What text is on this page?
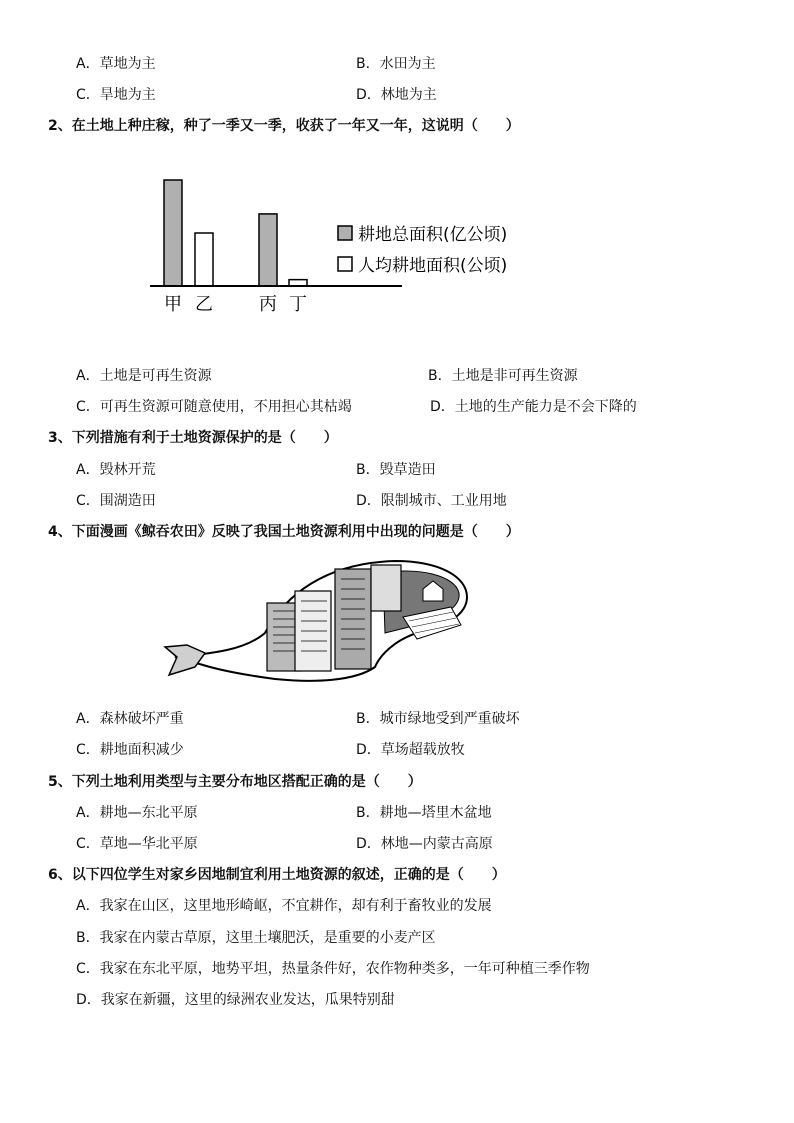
A．草地为主	B．水田为主
C．旱地为主	D．林地为主
2、在土地上种庄稼，种了一季又一季，收获了一年又一年，这说明（　　）
甲 乙	丙 丁
耕地总面积(亿公顷)
人均耕地面积(公顷)
A．土地是可再生资源	B．土地是非可再生资源
C．可再生资源可随意使用，不用担心其枯竭	D．土地的生产能力是不会下降的
3、下列措施有利于土地资源保护的是（　　）
A．毁林开荒	B．毁草造田
C．围湖造田	D．限制城市、工业用地
4、下面漫画《鲸吞农田》反映了我国土地资源利用中出现的问题是（　　）
A．森林破坏严重	B．城市绿地受到严重破坏
C．耕地面积减少	D．草场超载放牧
5、下列土地利用类型与主要分布地区搭配正确的是（　　）
A．耕地—东北平原	B．耕地—塔里木盆地
C．草地—华北平原	D．林地—内蒙古高原
6、以下四位学生对家乡因地制宜利用土地资源的叙述，正确的是（　　）
A．我家在山区，这里地形崎岖，不宜耕作，却有利于畜牧业的发展
B．我家在内蒙古草原，这里土壤肥沃，是重要的小麦产区
C．我家在东北平原，地势平坦，热量条件好，农作物种类多，一年可种植三季作物
D．我家在新疆，这里的绿洲农业发达，瓜果特别甜
